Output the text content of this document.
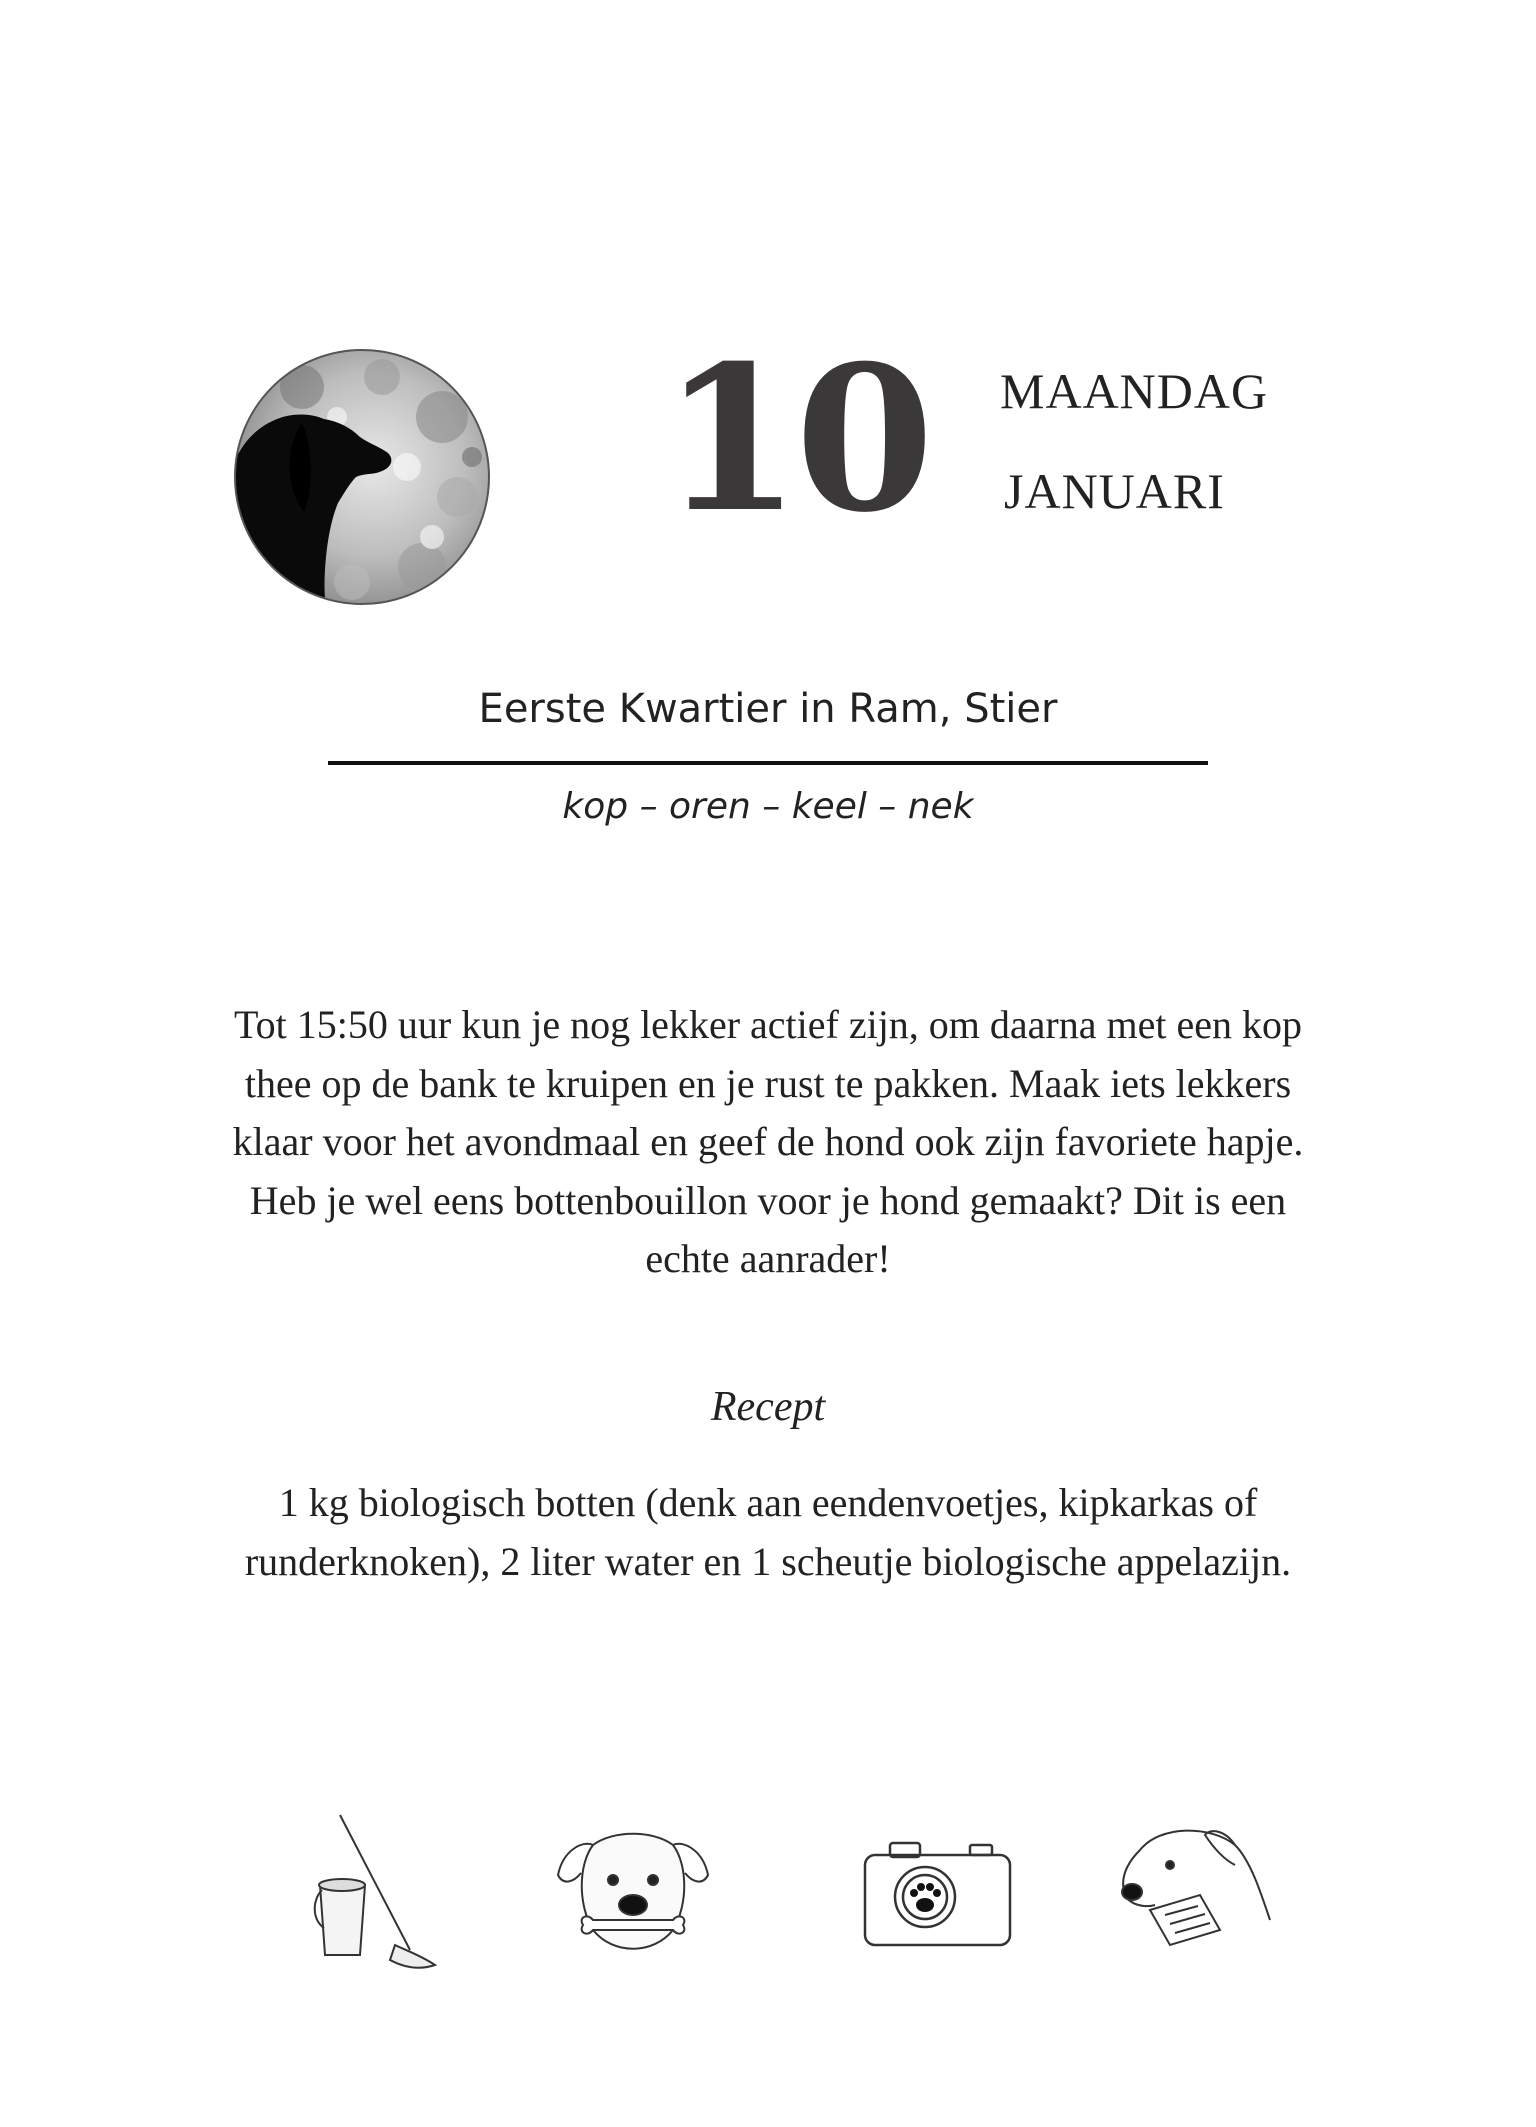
10 MAANDAG
JANUARI
Eerste Kwartier in Ram, Stier
kop – oren – keel – nek
Tot 15:50 uur kun je nog lekker actief zijn, om daarna met een kop thee op de bank te kruipen en je rust te pakken. Maak iets lekkers klaar voor het avondmaal en geef de hond ook zijn favoriete hapje. Heb je wel eens bottenbouillon voor je hond gemaakt? Dit is een echte aanrader!
Recept
1 kg biologisch botten (denk aan eendenvoetjes, kipkarkas of runderknoken), 2 liter water en 1 scheutje biologische appelazijn.
